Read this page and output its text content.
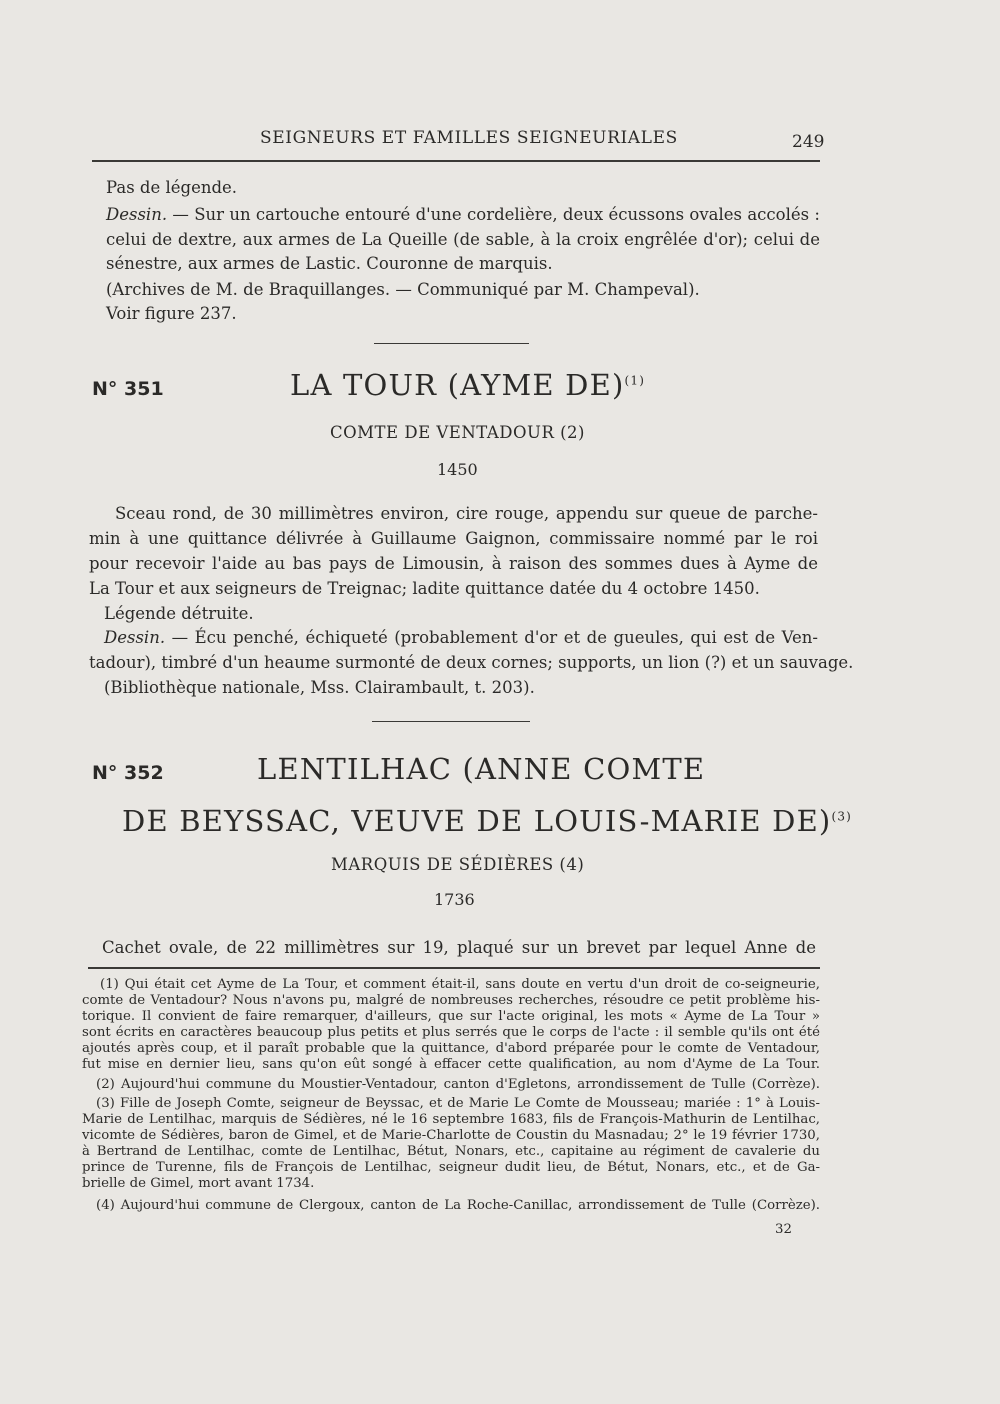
SEIGNEURS ET FAMILLES SEIGNEURIALES	249
Pas de légende.
Dessin. — Sur un cartouche entouré d'une cordelière, deux écussons ovales accolés :
celui de dextre, aux armes de La Queille (de sable, à la croix engrêlée d'or); celui de
sénestre, aux armes de Lastic. Couronne de marquis.
(Archives de M. de Braquillanges. — Communiqué par M. Champeval).
Voir figure 237.
N° 351	LA TOUR (AYME DE)$^{(1)}$
COMTE DE VENTADOUR (2)
1450
Sceau rond, de 30 millimètres environ, cire rouge, appendu sur queue de parche-
min à une quittance délivrée à Guillaume Gaignon, commissaire nommé par le roi
pour recevoir l'aide au bas pays de Limousin, à raison des sommes dues à Ayme de
La Tour et aux seigneurs de Treignac; ladite quittance datée du 4 octobre 1450.
Légende détruite.
Dessin. — Écu penché, échiqueté (probablement d'or et de gueules, qui est de Ven-
tadour), timbré d'un heaume surmonté de deux cornes; supports, un lion (?) et un sauvage.
(Bibliothèque nationale, Mss. Clairambault, t. 203).
N° 352	LENTILHAC (ANNE COMTE
DE BEYSSAC, VEUVE DE LOUIS-MARIE DE)$^{(3)}$
MARQUIS DE SÉDIÈRES (4)
1736
Cachet ovale, de 22 millimètres sur 19, plaqué sur un brevet par lequel Anne de
(1) Qui était cet Ayme de La Tour, et comment était-il, sans doute en vertu d'un droit de co-seigneurie,
comte de Ventadour? Nous n'avons pu, malgré de nombreuses recherches, résoudre ce petit problème his-
torique. Il convient de faire remarquer, d'ailleurs, que sur l'acte original, les mots « Ayme de La Tour »
sont écrits en caractères beaucoup plus petits et plus serrés que le corps de l'acte : il semble qu'ils ont été
ajoutés après coup, et il paraît probable que la quittance, d'abord préparée pour le comte de Ventadour,
fut mise en dernier lieu, sans qu'on eût songé à effacer cette qualification, au nom d'Ayme de La Tour.
(2) Aujourd'hui commune du Moustier-Ventadour, canton d'Egletons, arrondissement de Tulle (Corrèze).
(3) Fille de Joseph Comte, seigneur de Beyssac, et de Marie Le Comte de Mousseau; mariée : 1° à Louis-
Marie de Lentilhac, marquis de Sédières, né le 16 septembre 1683, fils de François-Mathurin de Lentilhac,
vicomte de Sédières, baron de Gimel, et de Marie-Charlotte de Coustin du Masnadau; 2° le 19 février 1730,
à Bertrand de Lentilhac, comte de Lentilhac, Bétut, Nonars, etc., capitaine au régiment de cavalerie du
prince de Turenne, fils de François de Lentilhac, seigneur dudit lieu, de Bétut, Nonars, etc., et de Ga-
brielle de Gimel, mort avant 1734.
(4) Aujourd'hui commune de Clergoux, canton de La Roche-Canillac, arrondissement de Tulle (Corrèze).
32
